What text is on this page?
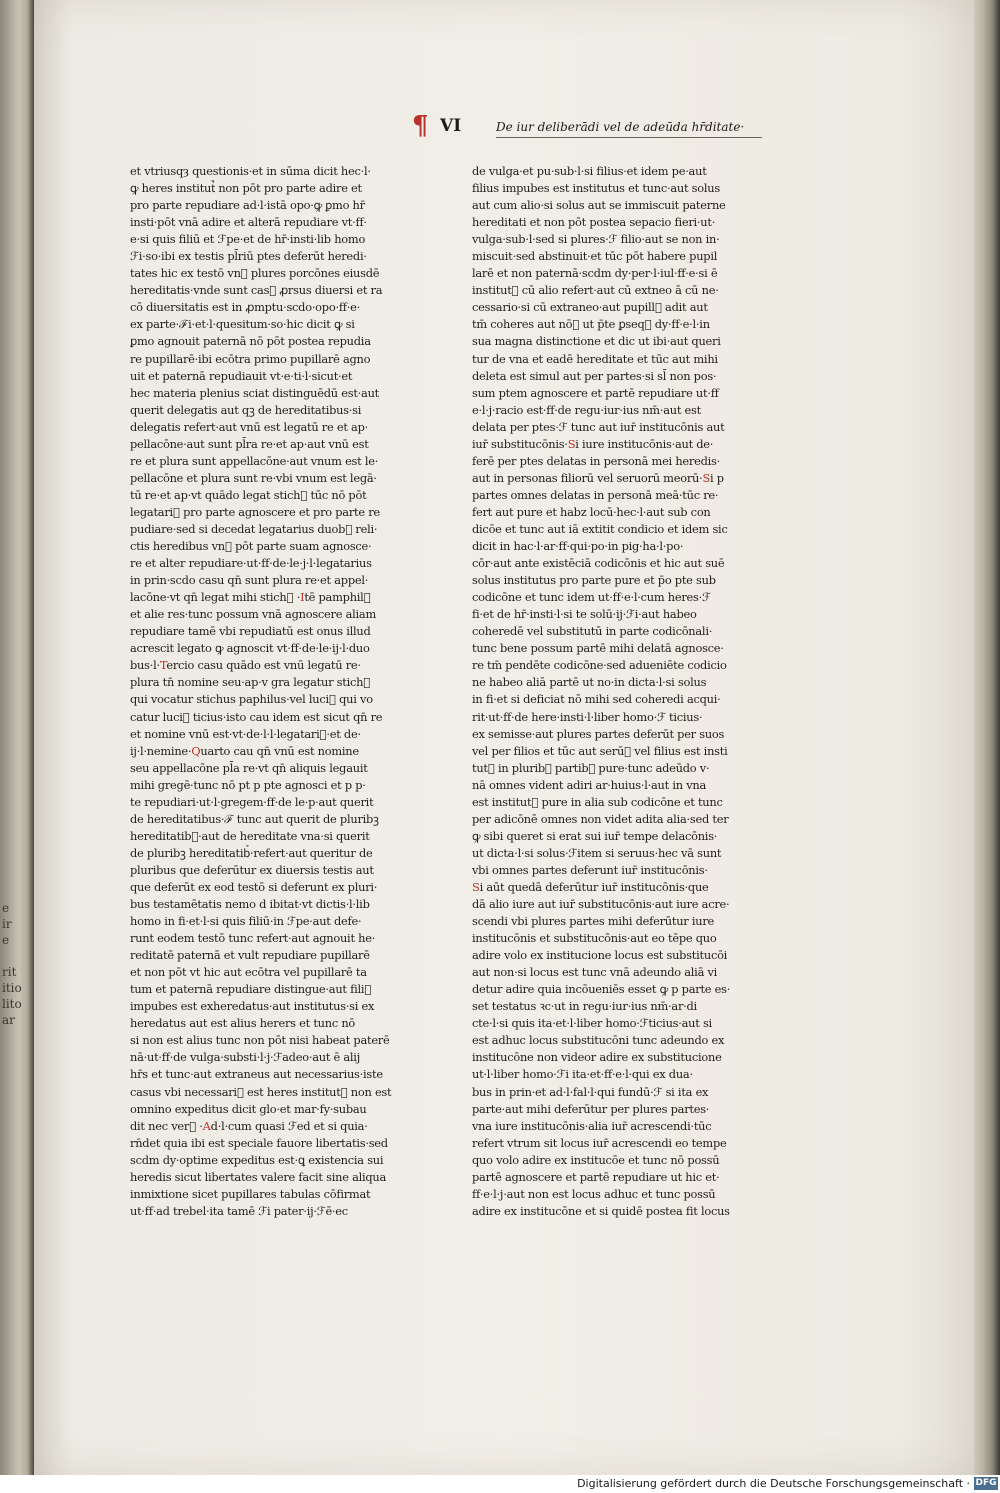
e
ir
e

rit
itio
lito
ar
¶ VI	De iur deliberādi vel de adeūda hr̄ditate·
et vtriusqȝ questionis·et in sūma dicit hec·l·
ꝙ heres institut᷒ non pōt pro parte adire et
pro parte repudiare ad·l·istā opo·ꝙ ꝑmo hr̄
insti·pōt vnā adire et alterā repudiare vt·ff·
e·si quis filiū et ℱpe·et de hr̄·insti·lib homo
ℱi·so·ibi ex testis pl̄riū ptes deferūt heredi·
tates hic ex testō vn᷒ plures porcōnes eiusdē
hereditatis·vnde sunt cas᷒ ꝓrsus diuersi et ra
cō diuersitatis est in ꝓmptu·scdo·opo·ff·e·
ex parte·ℱi·et·l·quesitum·so·hic dicit ꝙ si
ꝑmo agnouit paternā nō pōt postea repudia
re pupillarē·ibi ecōtra primo pupillarē agno
uit et paternā repudiauit vt·e·ti·l·sicut·et
hec materia plenius sciat distinguēdū est·aut
querit delegatis aut qꝫ de hereditatibus·si
delegatis refert·aut vnū est legatū re et ap·
pellacōne·aut sunt pl̄ra re·et ap·aut vnū est
re et plura sunt appellacōne·aut vnum est le·
pellacōne et plura sunt re·vbi vnum est legā·
tū re·et ap·vt quādo legat stich᷒ tūc nō pōt
legatari᷒ pro parte agnoscere et pro parte re
pudiare·sed si decedat legatarius duob᷒ reli·
ctis heredibus vn᷒ pōt parte suam agnosce·
re et alter repudiare·ut·ff·de·le·j·l·legatarius
in prin·scdo casu qn̄ sunt plura re·et appel·
lacōne·vt qn̄ legat mihi stich᷒ ·Itē pamphil᷒
et alie res·tunc possum vnā agnoscere aliam
repudiare tamē vbi repudiatū est onus illud
acrescit legato ꝙ agnoscit vt·ff·de·le·ij·l·duo
bus·l·Tercio casu quādo est vnū legatū re·
plura tn̄ nomine seu·ap·v gra legatur stich᷒
qui vocatur stichus paphilus·vel luci᷒ qui vo
catur luci᷒ ticius·isto cau idem est sicut qn̄ re
et nomine vnū est·vt·de·l·l·legatari᷒·et de·
ij·l·nemine·Quarto cau qn̄ vnū est nomine
seu appellacōne pl̄a re·vt qn̄ aliquis legauit
mihi gregē·tunc nō pt p pte agnosci et p p·
te repudiari·ut·l·gregem·ff·de le·p·aut querit
de hereditatibus·ℱ tunc aut querit de pluribꝫ
hereditatib᷒·aut de hereditate vna·si querit
de pluribꝫ hereditatib᷒·refert·aut queritur de
pluribus que deferūtur ex diuersis testis aut
que deferūt ex eod testō si deferunt ex pluri·
bus testamētatis nemo d ibitat·vt dictis·l·lib
homo in fi·et·l·si quis filiū·in ℱpe·aut defe·
runt eodem testō tunc refert·aut agnouit he·
reditatē paternā et vult repudiare pupillarē
et non pōt vt hic aut ecōtra vel pupillarē ta
tum et paternā repudiare distingue·aut fili᷒
impubes est exheredatus·aut institutus·si ex
heredatus aut est alius herers et tunc nō
si non est alius tunc non pōt nisi habeat paterē
nā·ut·ff·de vulga·substi·l·j·ℱadeo·aut ē alij
hr̄s et tunc·aut extraneus aut necessarius·iste
casus vbi necessari᷒ est heres institut᷒ non est
omnino expeditus dicit glo·et mar·fy·subau
dit nec ver᷒ ·Ad·l·cum quasi ℱed et si quia·
rn̄det quia ibi est speciale fauore libertatis·sed
scdm dy·optime expeditus est·ꝗ existencia sui
heredis sicut libertates valere facit sine aliqua
inmixtione sicet pupillares tabulas cōfirmat
ut·ff·ad trebel·ita tamē ℱi pater·ij·ℱē·ec
de vulga·et pu·sub·l·si filius·et idem pe·aut
filius impubes est institutus et tunc·aut solus
aut cum alio·si solus aut se immiscuit paterne
hereditati et non pōt postea sepacio fieri·ut·
vulga·sub·l·sed si plures·ℱ filio·aut se non in·
miscuit·sed abstinuit·et tūc pōt habere pupil
larē et non paternā·scdm dy·per·l·iul·ff·e·si ē
institut᷒ cū alio refert·aut cū extneo ā cū ne·
cessario·si cū extraneo·aut pupill᷒ adit aut
tm̄ coheres aut nō᷒ ut p̄te ꝑseq᷒ dy·ff·e·l·in
sua magna distinctione et dic ut ibi·aut queri
tur de vna et eadē hereditate et tūc aut mihi
deleta est simul aut per partes·si sl̄ non pos·
sum ptem agnoscere et partē repudiare ut·ff
e·l·j·racio est·ff·de regu·iur·ius nm̄·aut est
delata per ptes·ℱ tunc aut iur̄ institucōnis aut
iur̄ substitucōnis·Si iure institucōnis·aut de·
ferē per ptes delatas in personā mei heredis·
aut in personas filiorū vel seruorū meorū·Si p
partes omnes delatas in personā meā·tūc re·
fert aut pure et habz locū·hec·l·aut sub con
dicōe et tunc aut iā extitit condicio et idem sic
dicit in hac·l·ar·ff·qui·po·in pig·ha·l·po·
cōr·aut ante existēciā codicōnis et hic aut suē
solus institutus pro parte pure et p̄o pte sub
codicōne et tunc idem ut·ff·e·l·cum heres·ℱ
fi·et de hr̄·insti·l·si te solū·ij·ℱi·aut habeo
coheredē vel substitutū in parte codicōnali·
tunc bene possum partē mihi delatā agnosce·
re tm̄ pendēte codicōne·sed adueniēte codicio
ne habeo aliā partē ut no·in dicta·l·si solus
in fi·et si deficiat nō mihi sed coheredi acqui·
rit·ut·ff·de here·insti·l·liber homo·ℱ ticius·
ex semisse·aut plures partes deferūt per suos
vel per filios et tūc aut serū᷒ vel filius est insti
tut᷒ in pluribꝫ partibꝫ pure·tunc adeūdo v·
nā omnes vident adiri ar·huius·l·aut in vna
est institut᷒ pure in alia sub codicōne et tunc
per adicōnē omnes non videt adita alia·sed ter
ꝙ sibi queret si erat sui iur̄ tempe delacōnis·
ut dicta·l·si solus·ℱitem si seruus·hec vā sunt
vbi omnes partes deferunt iur̄ institucōnis·
Si aūt quedā deferūtur iur̄ institucōnis·que
dā alio iure aut iur̄ substitucōnis·aut iure acre·
scendi vbi plures partes mihi deferūtur iure
institucōnis et substitucōnis·aut eo tēpe quo
adire volo ex institucione locus est substitucōi
aut non·si locus est tunc vnā adeundo aliā vi
detur adire quia incōueniēs esset ꝙ p parte es·
set testatus ꝛc·ut in regu·iur·ius nm̄·ar·di
cte·l·si quis ita·et·l·liber homo·ℱticius·aut si
est adhuc locus substitucōni tunc adeundo ex
institucōne non videor adire ex substitucione
ut·l·liber homo·ℱi ita·et·ff·e·l·qui ex dua·
bus in prin·et ad·l·fal·l·qui fundū·ℱ si ita ex
parte·aut mihi deferūtur per plures partes·
vna iure institucōnis·alia iur̄ acrescendi·tūc
refert vtrum sit locus iur̄ acrescendi eo tempe
quo volo adire ex institucōe et tunc nō possū
partē agnoscere et partē repudiare ut hic et·
ff·e·l·j·aut non est locus adhuc et tunc possū
adire ex institucōne et si quidē postea fit locus
Digitalisierung gefördert durch die Deutsche Forschungsgemeinschaft · DFG
